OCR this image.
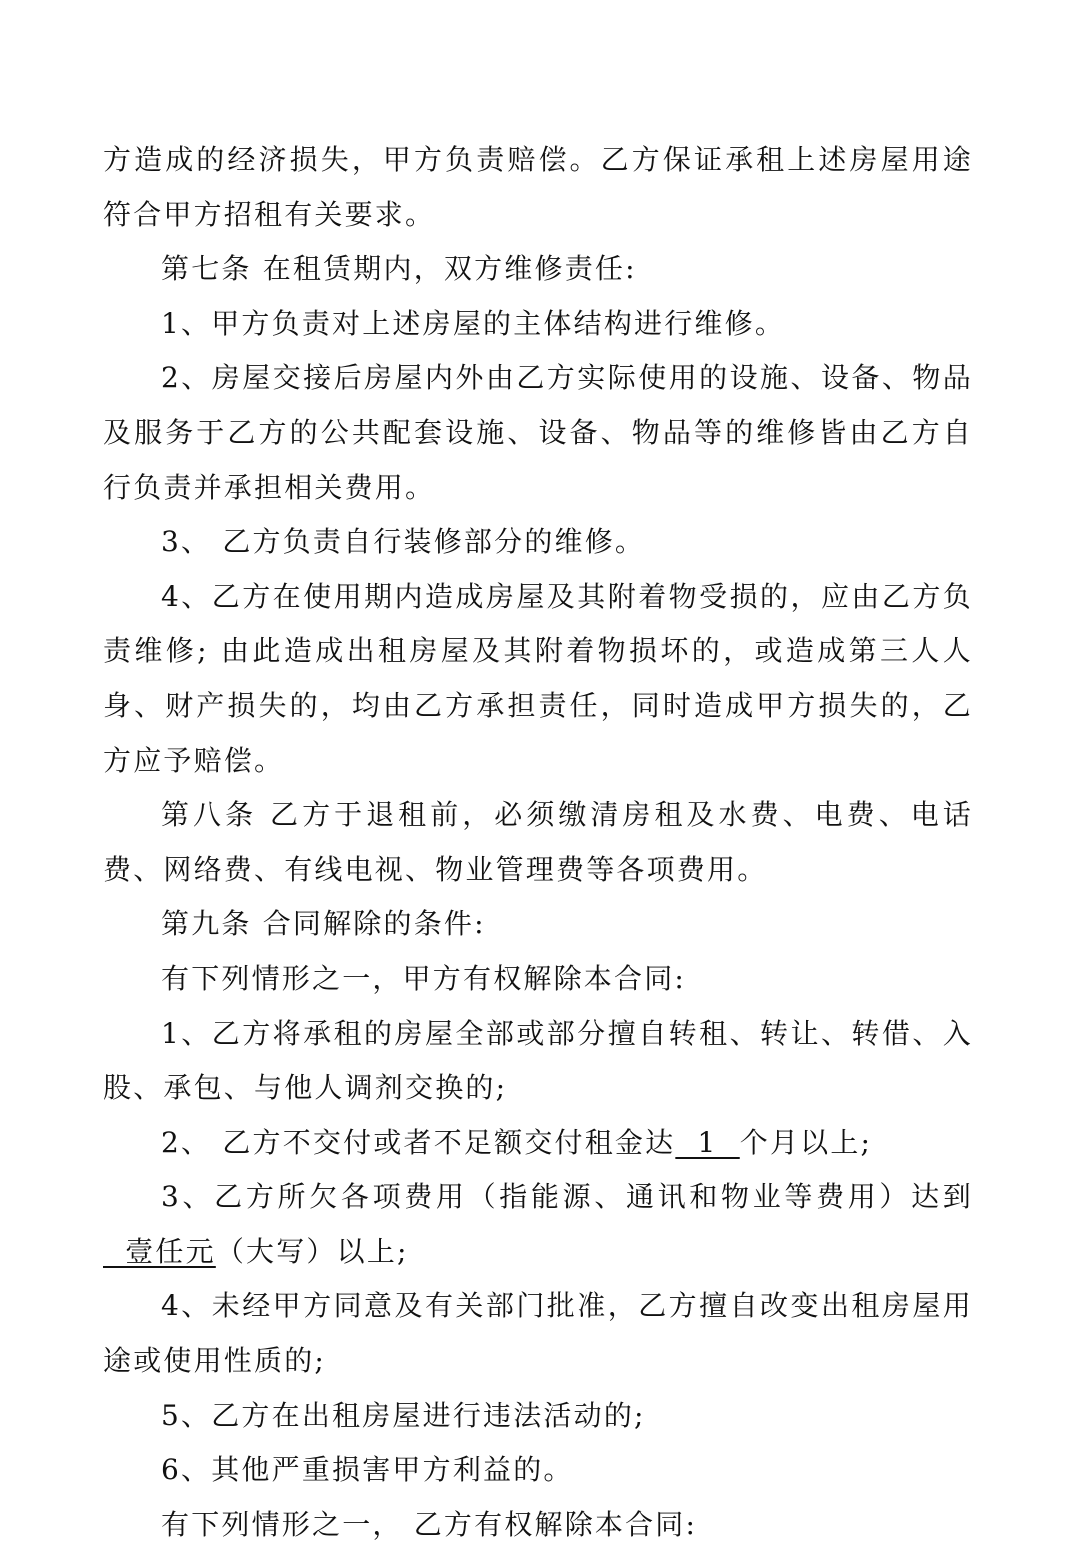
方造成的经济损失，甲方负责赔偿。乙方保证承租上述房屋用途符合甲方招租有关要求。

第七条 在租赁期内，双方维修责任:

1、甲方负责对上述房屋的主体结构进行维修。

2、房屋交接后房屋内外由乙方实际使用的设施、设备、物品及服务于乙方的公共配套设施、设备、物品等的维修皆由乙方自行负责并承担相关费用。

3、 乙方负责自行装修部分的维修。

4、乙方在使用期内造成房屋及其附着物受损的，应由乙方负责维修; 由此造成出租房屋及其附着物损坏的，或造成第三人人身、财产损失的，均由乙方承担责任，同时造成甲方损失的，乙方应予赔偿。

第八条 乙方于退租前，必须缴清房租及水费、电费、电话费、网络费、有线电视、物业管理费等各项费用。

第九条 合同解除的条件:

有下列情形之一，甲方有权解除本合同:

1、乙方将承租的房屋全部或部分擅自转租、转让、转借、入股、承包、与他人调剂交换的;

2、 乙方不交付或者不足额交付租金达  1  个月以上;

3、乙方所欠各项费用（指能源、通讯和物业等费用）达到  壹任元（大写）以上;

4、未经甲方同意及有关部门批准，乙方擅自改变出租房屋用途或使用性质的;

5、乙方在出租房屋进行违法活动的;

6、其他严重损害甲方利益的。

有下列情形之一， 乙方有权解除本合同:
